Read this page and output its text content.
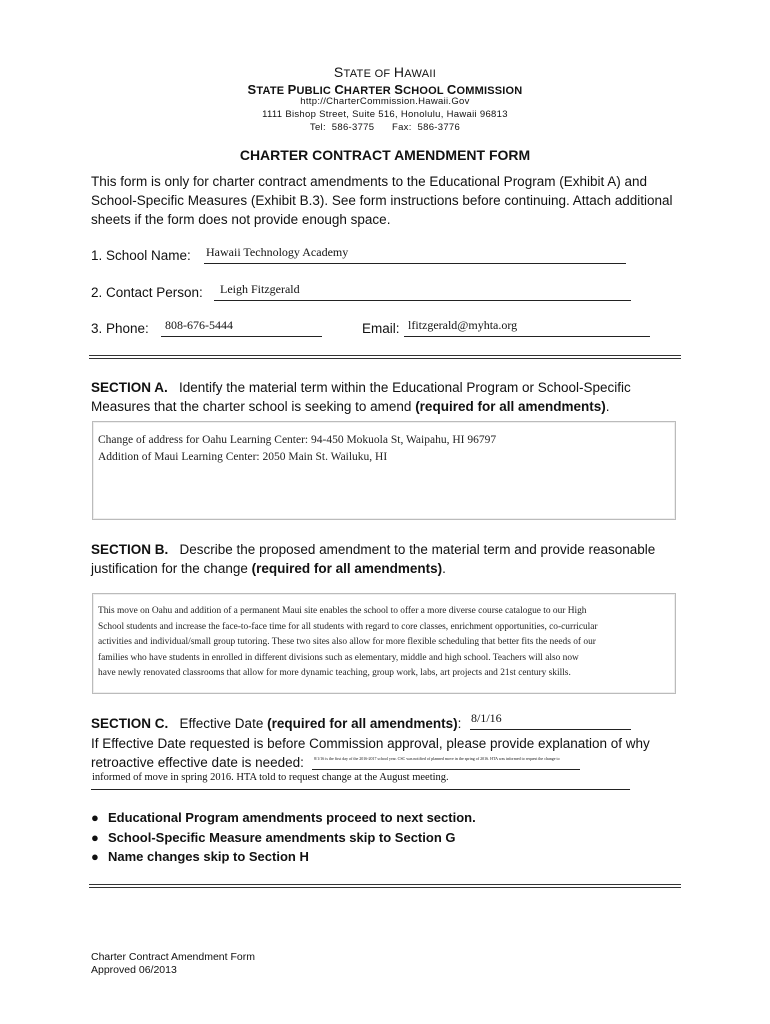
STATE OF HAWAII
STATE PUBLIC CHARTER SCHOOL COMMISSION
http://CharterCommission.Hawaii.Gov
1111 Bishop Street, Suite 516, Honolulu, Hawaii 96813
Tel:  586-3775      Fax:  586-3776
CHARTER CONTRACT AMENDMENT FORM
This form is only for charter contract amendments to the Educational Program (Exhibit A) and School-Specific Measures (Exhibit B.3). See form instructions before continuing. Attach additional sheets if the form does not provide enough space.
1. School Name: Hawaii Technology Academy
2. Contact Person: Leigh Fitzgerald
3. Phone: 808-676-5444	Email: lfitzgerald@myhta.org
SECTION A. Identify the material term within the Educational Program or School-Specific Measures that the charter school is seeking to amend (required for all amendments).
Change of address for Oahu Learning Center: 94-450 Mokuola St, Waipahu, HI 96797
Addition of Maui Learning Center: 2050 Main St. Wailuku, HI
SECTION B. Describe the proposed amendment to the material term and provide reasonable justification for the change (required for all amendments).
This move on Oahu and addition of a permanent Maui site enables the school to offer a more diverse course catalogue to our High
School students and increase the face-to-face time for all students with regard to core classes, enrichment opportunities, co-curricular
activities and individual/small group tutoring. These two sites also allow for more flexible scheduling that better fits the needs of our
families who have students in enrolled in different divisions such as elementary, middle and high school. Teachers will also now
have newly renovated classrooms that allow for more dynamic teaching, group work, labs, art projects and 21st century skills.
SECTION C. Effective Date (required for all amendments): 8/1/16
If Effective Date requested is before Commission approval, please provide explanation of why
retroactive effective date is needed:	8/1/16 is the first day of the 2016-2017 school year. CSC was notified of planned move in the spring of 2016. HTA was informed to request the change to
informed of move in spring 2016. HTA told to request change at the August meeting.
● Educational Program amendments proceed to next section.
● School-Specific Measure amendments skip to Section G
● Name changes skip to Section H
Charter Contract Amendment Form
Approved 06/2013
